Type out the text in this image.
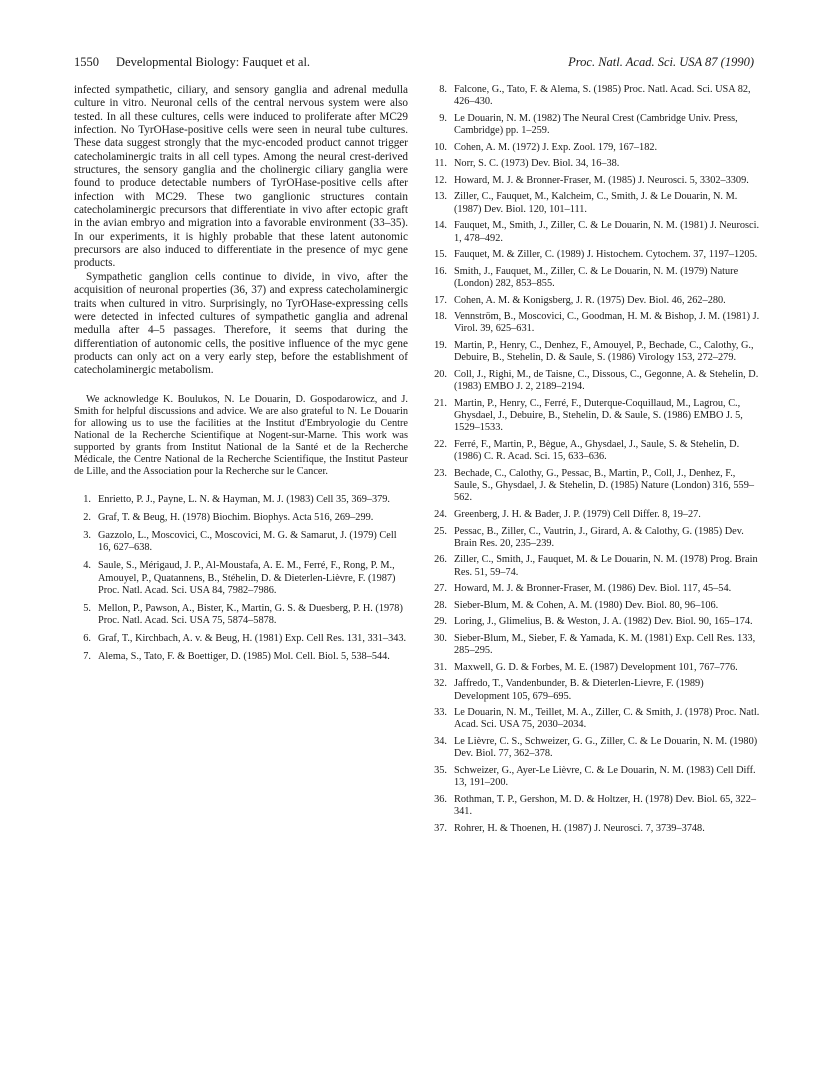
1550 Developmental Biology: Fauquet et al.	Proc. Natl. Acad. Sci. USA 87 (1990)

infected sympathetic, ciliary, and sensory ganglia and adrenal medulla culture in vitro. Neuronal cells of the central nervous system were also tested. In all these cultures, cells were induced to proliferate after MC29 infection. No TyrOHase-positive cells were seen in neural tube cultures. These data suggest strongly that the myc-encoded product cannot trigger catecholaminergic traits in all cell types. Among the neural crest-derived structures, the sensory ganglia and the cholinergic ciliary ganglia were found to produce detectable numbers of TyrOHase-positive cells after infection with MC29. These two ganglionic structures contain catecholaminergic precursors that differentiate in vivo after ectopic graft in the avian embryo and migration into a favorable environment (33–35). In our experiments, it is highly probable that these latent autonomic precursors are also induced to differentiate in the presence of myc gene products.

Sympathetic ganglion cells continue to divide, in vivo, after the acquisition of neuronal properties (36, 37) and express catecholaminergic traits when cultured in vitro. Surprisingly, no TyrOHase-expressing cells were detected in infected cultures of sympathetic ganglia and adrenal medulla after 4–5 passages. Therefore, it seems that during the differentiation of autonomic cells, the positive influence of the myc gene products can only act on a very early step, before the establishment of catecholaminergic metabolism.

We acknowledge K. Boulukos, N. Le Douarin, D. Gospodarowicz, and J. Smith for helpful discussions and advice. We are also grateful to N. Le Douarin for allowing us to use the facilities at the Institut d'Embryologie du Centre National de la Recherche Scientifique at Nogent-sur-Marne. This work was supported by grants from Institut National de la Santé et de la Recherche Médicale, the Centre National de la Recherche Scientifique, the Institut Pasteur de Lille, and the Association pour la Recherche sur le Cancer.

1. Enrietto, P. J., Payne, L. N. & Hayman, M. J. (1983) Cell 35, 369–379.
2. Graf, T. & Beug, H. (1978) Biochim. Biophys. Acta 516, 269–299.
3. Gazzolo, L., Moscovici, C., Moscovici, M. G. & Samarut, J. (1979) Cell 16, 627–638.
4. Saule, S., Mérigaud, J. P., Al-Moustafa, A. E. M., Ferré, F., Rong, P. M., Amouyel, P., Quatannens, B., Stéhelin, D. & Dieterlen-Lièvre, F. (1987) Proc. Natl. Acad. Sci. USA 84, 7982–7986.
5. Mellon, P., Pawson, A., Bister, K., Martin, G. S. & Duesberg, P. H. (1978) Proc. Natl. Acad. Sci. USA 75, 5874–5878.
6. Graf, T., Kirchbach, A. v. & Beug, H. (1981) Exp. Cell Res. 131, 331–343.
7. Alema, S., Tato, F. & Boettiger, D. (1985) Mol. Cell. Biol. 5, 538–544.
8. Falcone, G., Tato, F. & Alema, S. (1985) Proc. Natl. Acad. Sci. USA 82, 426–430.
9. Le Douarin, N. M. (1982) The Neural Crest (Cambridge Univ. Press, Cambridge) pp. 1–259.
10. Cohen, A. M. (1972) J. Exp. Zool. 179, 167–182.
11. Norr, S. C. (1973) Dev. Biol. 34, 16–38.
12. Howard, M. J. & Bronner-Fraser, M. (1985) J. Neurosci. 5, 3302–3309.
13. Ziller, C., Fauquet, M., Kalcheim, C., Smith, J. & Le Douarin, N. M. (1987) Dev. Biol. 120, 101–111.
14. Fauquet, M., Smith, J., Ziller, C. & Le Douarin, N. M. (1981) J. Neurosci. 1, 478–492.
15. Fauquet, M. & Ziller, C. (1989) J. Histochem. Cytochem. 37, 1197–1205.
16. Smith, J., Fauquet, M., Ziller, C. & Le Douarin, N. M. (1979) Nature (London) 282, 853–855.
17. Cohen, A. M. & Konigsberg, J. R. (1975) Dev. Biol. 46, 262–280.
18. Vennström, B., Moscovici, C., Goodman, H. M. & Bishop, J. M. (1981) J. Virol. 39, 625–631.
19. Martin, P., Henry, C., Denhez, F., Amouyel, P., Bechade, C., Calothy, G., Debuire, B., Stehelin, D. & Saule, S. (1986) Virology 153, 272–279.
20. Coll, J., Righi, M., de Taisne, C., Dissous, C., Gegonne, A. & Stehelin, D. (1983) EMBO J. 2, 2189–2194.
21. Martin, P., Henry, C., Ferré, F., Duterque-Coquillaud, M., Lagrou, C., Ghysdael, J., Debuire, B., Stehelin, D. & Saule, S. (1986) EMBO J. 5, 1529–1533.
22. Ferré, F., Martin, P., Bègue, A., Ghysdael, J., Saule, S. & Stehelin, D. (1986) C. R. Acad. Sci. 15, 633–636.
23. Bechade, C., Calothy, G., Pessac, B., Martin, P., Coll, J., Denhez, F., Saule, S., Ghysdael, J. & Stehelin, D. (1985) Nature (London) 316, 559–562.
24. Greenberg, J. H. & Bader, J. P. (1979) Cell Differ. 8, 19–27.
25. Pessac, B., Ziller, C., Vautrin, J., Girard, A. & Calothy, G. (1985) Dev. Brain Res. 20, 235–239.
26. Ziller, C., Smith, J., Fauquet, M. & Le Douarin, N. M. (1978) Prog. Brain Res. 51, 59–74.
27. Howard, M. J. & Bronner-Fraser, M. (1986) Dev. Biol. 117, 45–54.
28. Sieber-Blum, M. & Cohen, A. M. (1980) Dev. Biol. 80, 96–106.
29. Loring, J., Glimelius, B. & Weston, J. A. (1982) Dev. Biol. 90, 165–174.
30. Sieber-Blum, M., Sieber, F. & Yamada, K. M. (1981) Exp. Cell Res. 133, 285–295.
31. Maxwell, G. D. & Forbes, M. E. (1987) Development 101, 767–776.
32. Jaffredo, T., Vandenbunder, B. & Dieterlen-Lievre, F. (1989) Development 105, 679–695.
33. Le Douarin, N. M., Teillet, M. A., Ziller, C. & Smith, J. (1978) Proc. Natl. Acad. Sci. USA 75, 2030–2034.
34. Le Lièvre, C. S., Schweizer, G. G., Ziller, C. & Le Douarin, N. M. (1980) Dev. Biol. 77, 362–378.
35. Schweizer, G., Ayer-Le Lièvre, C. & Le Douarin, N. M. (1983) Cell Diff. 13, 191–200.
36. Rothman, T. P., Gershon, M. D. & Holtzer, H. (1978) Dev. Biol. 65, 322–341.
37. Rohrer, H. & Thoenen, H. (1987) J. Neurosci. 7, 3739–3748.
